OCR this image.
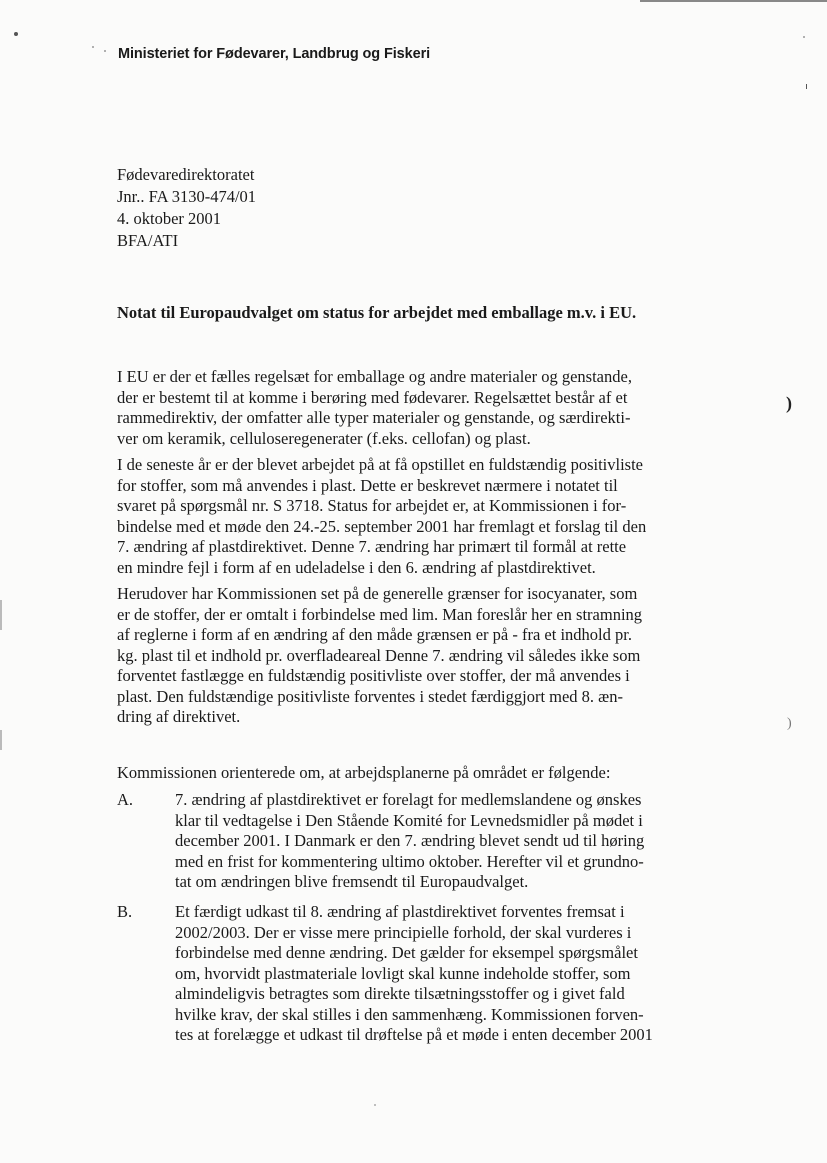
Ministeriet for Fødevarer, Landbrug og Fiskeri
Fødevaredirektoratet
Jnr.. FA 3130-474/01
4. oktober 2001
BFA/ATI
Notat til Europaudvalget om status for arbejdet med emballage m.v. i EU.
I EU er der et fælles regelsæt for emballage og andre materialer og genstande,
der er bestemt til at komme i berøring med fødevarer. Regelsættet består af et
rammedirektiv, der omfatter alle typer materialer og genstande, og særdirekti-
ver om keramik, celluloseregenerater (f.eks. cellofan) og plast.
I de seneste år er der blevet arbejdet på at få opstillet en fuldstændig positivliste
for stoffer, som må anvendes i plast. Dette er beskrevet nærmere i notatet til
svaret på spørgsmål nr. S 3718. Status for arbejdet er, at Kommissionen i for-
bindelse med et møde den 24.-25. september 2001 har fremlagt et forslag til den
7. ændring af plastdirektivet. Denne 7. ændring har primært til formål at rette
en mindre fejl i form af en udeladelse i den 6. ændring af plastdirektivet.
Herudover har Kommissionen set på de generelle grænser for isocyanater, som
er de stoffer, der er omtalt i forbindelse med lim. Man foreslår her en stramning
af reglerne i form af en ændring af den måde grænsen er på - fra et indhold pr.
kg. plast til et indhold pr. overfladeareal Denne 7. ændring vil således ikke som
forventet fastlægge en fuldstændig positivliste over stoffer, der må anvendes i
plast. Den fuldstændige positivliste forventes i stedet færdiggjort med 8. æn-
dring af direktivet.
Kommissionen orienterede om, at arbejdsplanerne på området er følgende:
A.	7. ændring af plastdirektivet er forelagt for medlemslandene og ønskes
klar til vedtagelse i Den Stående Komité for Levnedsmidler på mødet i
december 2001. I Danmark er den 7. ændring blevet sendt ud til høring
med en frist for kommentering ultimo oktober. Herefter vil et grundno-
tat om ændringen blive fremsendt til Europaudvalget.
B.	Et færdigt udkast til 8. ændring af plastdirektivet forventes fremsat i
2002/2003. Der er visse mere principielle forhold, der skal vurderes i
forbindelse med denne ændring. Det gælder for eksempel spørgsmålet
om, hvorvidt plastmateriale lovligt skal kunne indeholde stoffer, som
almindeligvis betragtes som direkte tilsætningsstoffer og i givet fald
hvilke krav, der skal stilles i den sammenhæng. Kommissionen forven-
tes at forelægge et udkast til drøftelse på et møde i enten december 2001
)
)
